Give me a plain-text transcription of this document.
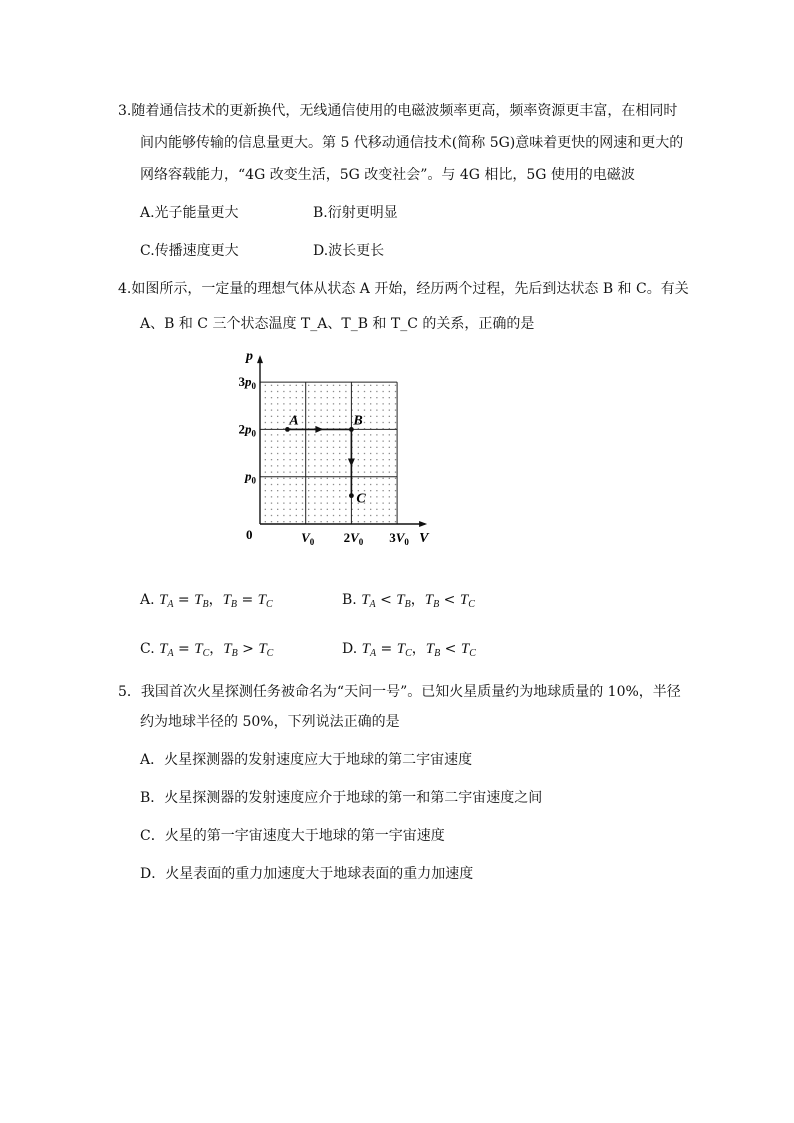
3.随着通信技术的更新换代，无线通信使用的电磁波频率更高，频率资源更丰富，在相同时
间内能够传输的信息量更大。第 5 代移动通信技术(简称 5G)意味着更快的网速和更大的
网络容载能力，“4G 改变生活，5G 改变社会”。与 4G 相比，5G 使用的电磁波
A.光子能量更大	B.衍射更明显
C.传播速度更大	D.波长更长
4.如图所示，一定量的理想气体从状态 A 开始，经历两个过程，先后到达状态 B 和 C。有关
A、B 和 C 三个状态温度 T_A、T_B 和 T_C 的关系，正确的是
V
p
0	$V_0$ $2V_0$ $3V_0$
$p_0$
$2p_0$
$3p_0$
A	B
C
A. $T_A = T_B$，$T_B = T_C$	B. $T_A < T_B$，$T_B < T_C$
C. $T_A = T_C$，$T_B > T_C$	D. $T_A = T_C$，$T_B < T_C$
5．我国首次火星探测任务被命名为“天问一号”。已知火星质量约为地球质量的 10%，半径
约为地球半径的 50%，下列说法正确的是
A．火星探测器的发射速度应大于地球的第二宇宙速度
B．火星探测器的发射速度应介于地球的第一和第二宇宙速度之间
C．火星的第一宇宙速度大于地球的第一宇宙速度
D．火星表面的重力加速度大于地球表面的重力加速度
